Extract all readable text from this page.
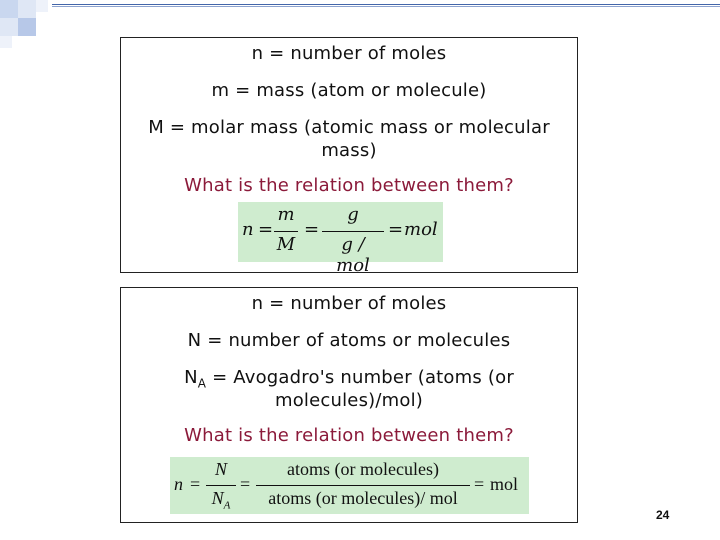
n = number of moles
m = mass (atom or molecule)
M = molar mass (atomic mass or molecular
mass)
What is the relation between them?
n =
m
M
=
g
g / mol
= mol
n = number of moles
N = number of atoms or molecules
$N_A$ = Avogadro's number (atoms (or
molecules)/mol)
What is the relation between them?
n =
N
$N_A$
=
atoms (or molecules)
atoms (or molecules)/ mol
= mol
24
